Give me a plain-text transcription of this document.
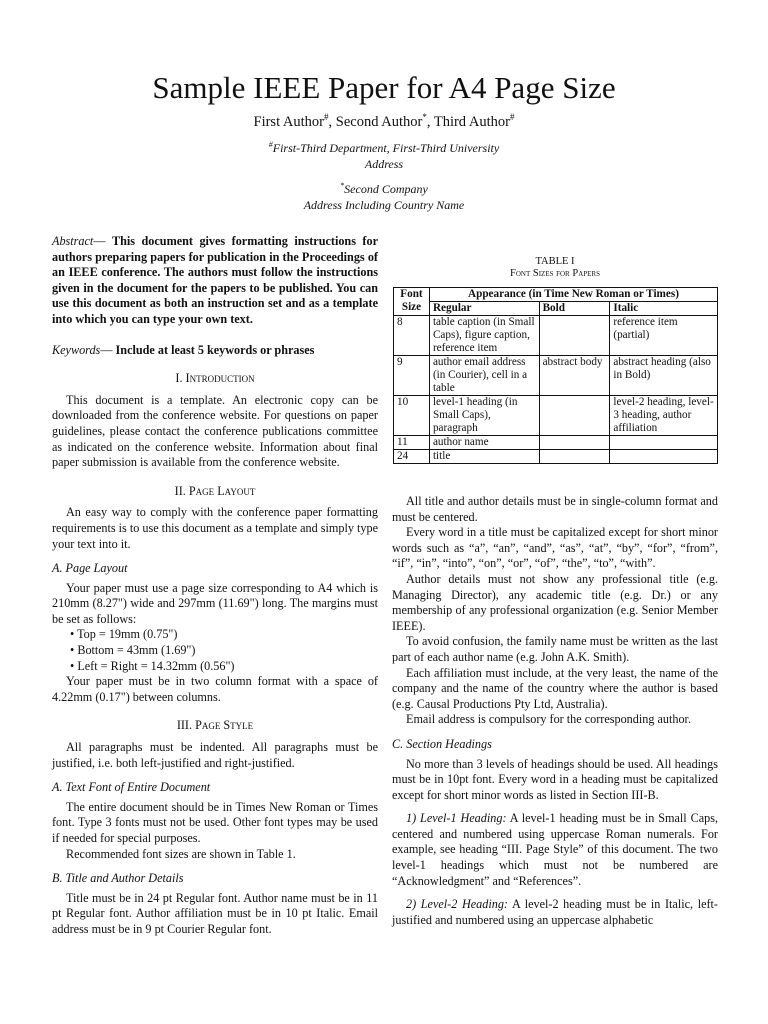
Sample IEEE Paper for A4 Page Size
First Author#, Second Author*, Third Author#
#First-Third Department, First-Third University
Address
*Second Company
Address Including Country Name

Abstract— This document gives formatting instructions for authors preparing papers for publication in the Proceedings of an IEEE conference. The authors must follow the instructions given in the document for the papers to be published. You can use this document as both an instruction set and as a template into which you can type your own text.

Keywords— Include at least 5 keywords or phrases

I. Introduction

This document is a template. An electronic copy can be downloaded from the conference website. For questions on paper guidelines, please contact the conference publications committee as indicated on the conference website. Information about final paper submission is available from the conference website.

II. Page Layout

An easy way to comply with the conference paper formatting requirements is to use this document as a template and simply type your text into it.

A. Page Layout

Your paper must use a page size corresponding to A4 which is 210mm (8.27") wide and 297mm (11.69") long. The margins must be set as follows:

• Top = 19mm (0.75")
• Bottom = 43mm (1.69")
• Left = Right = 14.32mm (0.56")

Your paper must be in two column format with a space of 4.22mm (0.17") between columns.

III. Page Style

All paragraphs must be indented. All paragraphs must be justified, i.e. both left-justified and right-justified.

A. Text Font of Entire Document

The entire document should be in Times New Roman or Times font. Type 3 fonts must not be used. Other font types may be used if needed for special purposes.

Recommended font sizes are shown in Table 1.

B. Title and Author Details

Title must be in 24 pt Regular font. Author name must be in 11 pt Regular font. Author affiliation must be in 10 pt Italic. Email address must be in 9 pt Courier Regular font.

TABLE I
Font Sizes for Papers
Font Size	Appearance (in Time New Roman or Times)		
	Regular	Bold	Italic
8	table caption (in Small Caps), figure caption, reference item		reference item (partial)
9	author email address (in Courier), cell in a table	abstract body	abstract heading (also in Bold)
10	level-1 heading (in Small Caps), paragraph		level-2 heading, level-3 heading, author affiliation
11	author name		
24	title		

All title and author details must be in single-column format and must be centered.

Every word in a title must be capitalized except for short minor words such as “a”, “an”, “and”, “as”, “at”, “by”, “for”, “from”, “if”, “in”, “into”, “on”, “or”, “of”, “the”, “to”, “with”.

Author details must not show any professional title (e.g. Managing Director), any academic title (e.g. Dr.) or any membership of any professional organization (e.g. Senior Member IEEE).

To avoid confusion, the family name must be written as the last part of each author name (e.g. John A.K. Smith).

Each affiliation must include, at the very least, the name of the company and the name of the country where the author is based (e.g. Causal Productions Pty Ltd, Australia).

Email address is compulsory for the corresponding author.

C. Section Headings

No more than 3 levels of headings should be used. All headings must be in 10pt font. Every word in a heading must be capitalized except for short minor words as listed in Section III-B.

1) Level-1 Heading: A level-1 heading must be in Small Caps, centered and numbered using uppercase Roman numerals. For example, see heading “III. Page Style” of this document. The two level-1 headings which must not be numbered are “Acknowledgment” and “References”.

2) Level-2 Heading: A level-2 heading must be in Italic, left-justified and numbered using an uppercase alphabetic
